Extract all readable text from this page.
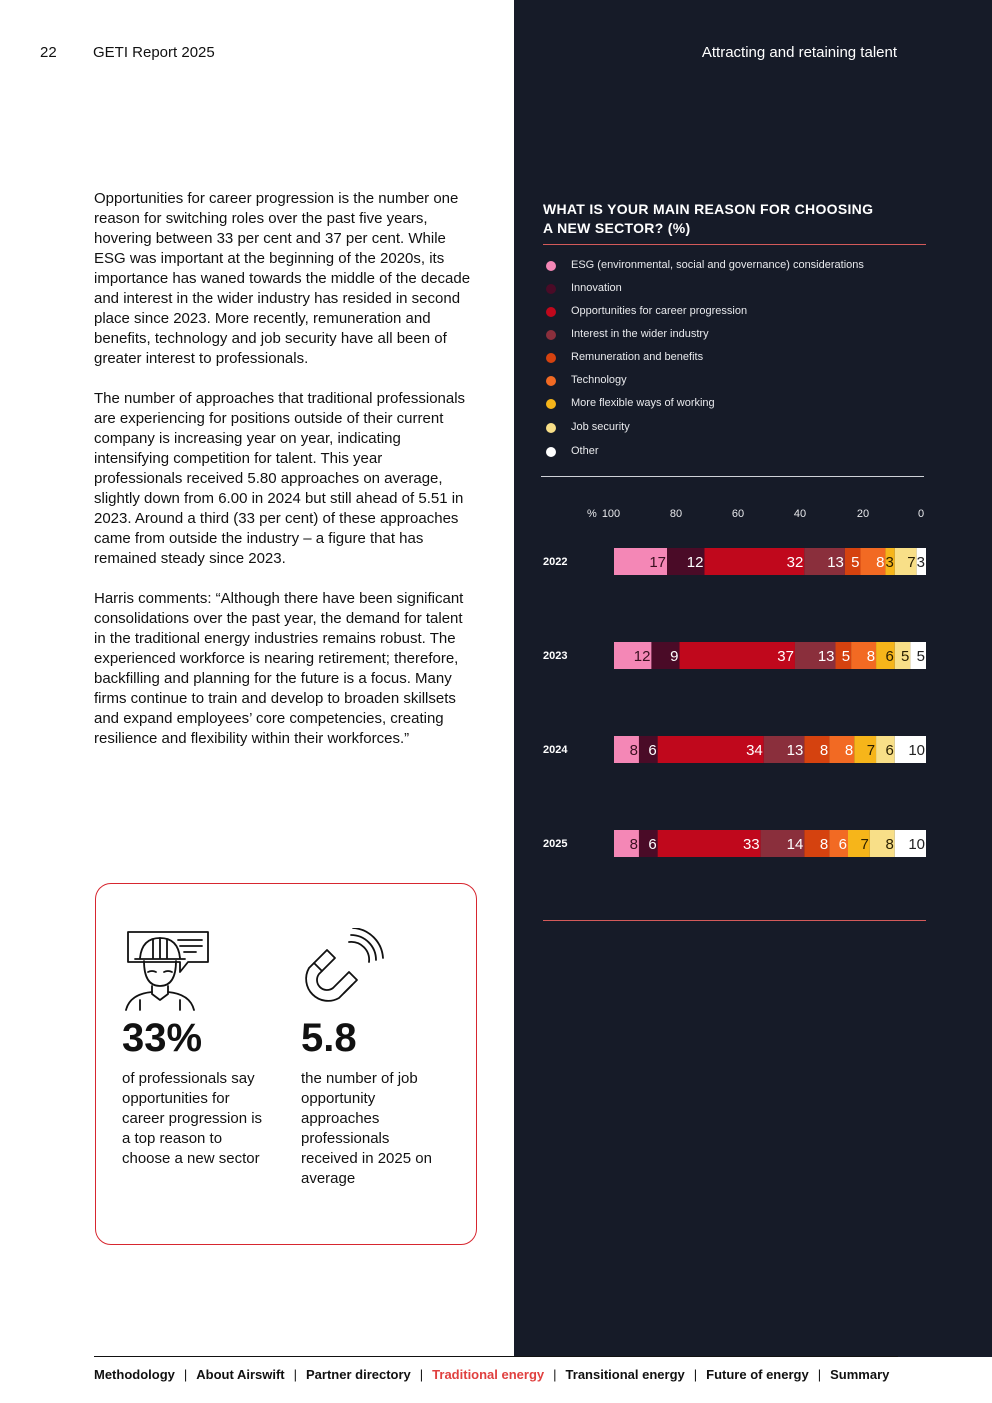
22 GETI Report 2025	Attracting and retaining talent

Opportunities for career progression is the number one reason for switching roles over the past five years, hovering between 33 per cent and 37 per cent. While ESG was important at the beginning of the 2020s, its importance has waned towards the middle of the decade and interest in the wider industry has resided in second place since 2023. More recently, remuneration and benefits, technology and job security have all been of greater interest to professionals.

The number of approaches that traditional professionals are experiencing for positions outside of their current company is increasing year on year, indicating intensifying competition for talent. This year professionals received 5.80 approaches on average, slightly down from 6.00 in 2024 but still ahead of 5.51 in 2023. Around a third (33 per cent) of these approaches came from outside the industry – a figure that has remained steady since 2023.

Harris comments: “Although there have been significant consolidations over the past year, the demand for talent in the traditional energy industries remains robust. The experienced workforce is nearing retirement; therefore, backfilling and planning for the future is a focus. Many firms continue to train and develop to broaden skillsets and expand employees’ core competencies, creating resilience and flexibility within their workforces.”

33%
of professionals say opportunities for career progression is a top reason to choose a new sector
5.8
the number of job opportunity approaches professionals received in 2025 on average
WHAT IS YOUR MAIN REASON FOR CHOOSING A NEW SECTOR? (%)
ESG (environmental, social and governance) considerations
Innovation
Opportunities for career progression
Interest in the wider industry
Remuneration and benefits
Technology
More flexible ways of working
Job security
Other
% 100	80	60	40	20	0
2022	17 12	32 13 5 8 3 7 3
2023	12 9	37 13 5 8 6 5 5
2024	8 6	34 13 8 8 7 6 10
2025	8 6	33 14 8 6 7 8 10
Methodology | About Airswift | Partner directory | Traditional energy | Transitional energy | Future of energy | Summary
